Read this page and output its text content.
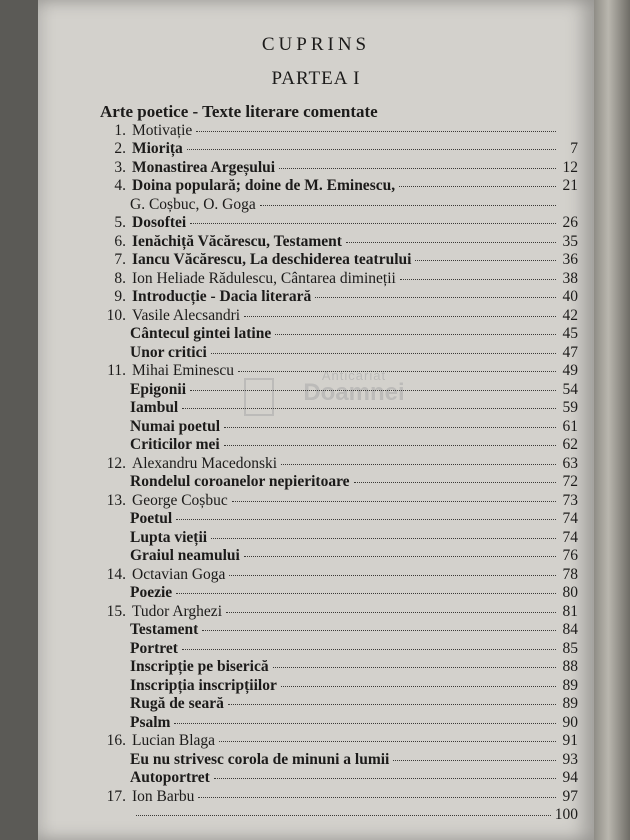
CUPRINS
PARTEA I
Arte poetice - Texte literare comentate
Anticariat
Doamnei
1. Motivație
2. Miorița	7
3. Monastirea Argeșului	12
4. Doina populară; doine de M. Eminescu,	21
G. Coșbuc, O. Goga
5. Dosoftei	26
6. Ienăchiță Văcărescu, Testament	35
7. Iancu Văcărescu, La deschiderea teatrului	36
8. Ion Heliade Rădulescu, Cântarea dimineții	38
9. Introducție - Dacia literară	40
10. Vasile Alecsandri	42
Cântecul gintei latine	45
Unor critici	47
11. Mihai Eminescu	49
Epigonii	54
Iambul	59
Numai poetul	61
Criticilor mei	62
12. Alexandru Macedonski	63
Rondelul coroanelor nepieritoare	72
13. George Coșbuc	73
Poetul	74
Lupta vieții	74
Graiul neamului	76
14. Octavian Goga	78
Poezie	80
15. Tudor Arghezi	81
Testament	84
Portret	85
Inscripție pe biserică	88
Inscripția inscripțiilor	89
Rugă de seară	89
Psalm	90
16. Lucian Blaga	91
Eu nu strivesc corola de minuni a lumii	93
Autoportret	94
17. Ion Barbu	97
100
